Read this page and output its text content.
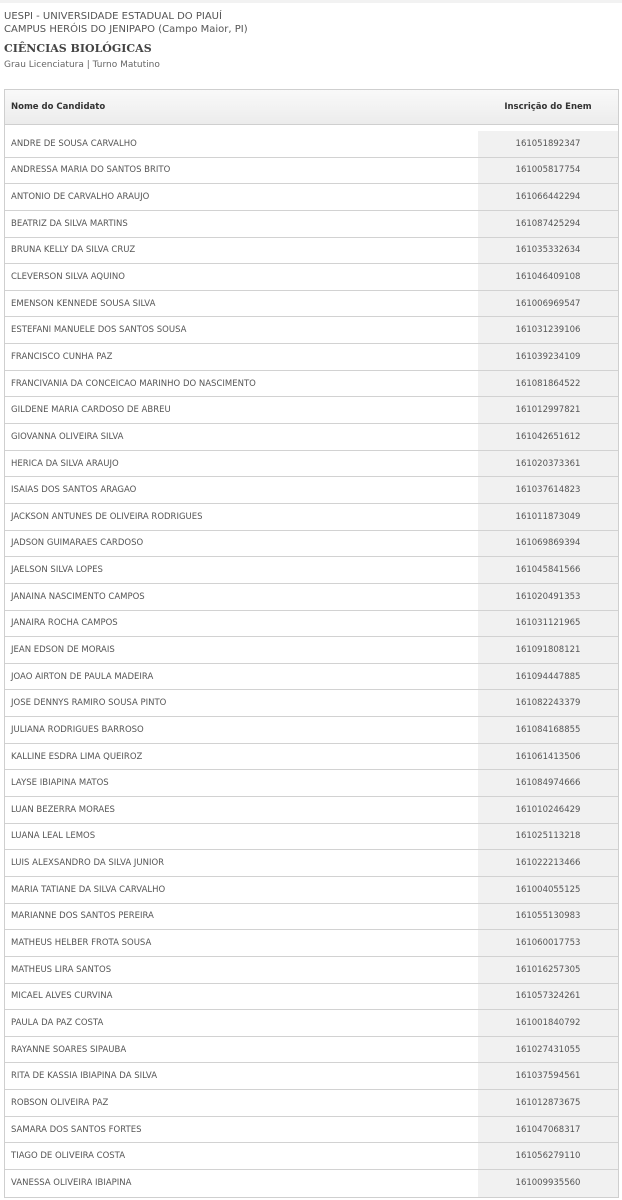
UESPI - UNIVERSIDADE ESTADUAL DO PIAUÍ
CAMPUS HERÓIS DO JENIPAPO (Campo Maior, PI)
CIÊNCIAS BIOLÓGICAS
Grau Licenciatura | Turno Matutino
Nome do Candidato	Inscrição do Enem
ANDRE DE SOUSA CARVALHO	161051892347
ANDRESSA MARIA DO SANTOS BRITO	161005817754
ANTONIO DE CARVALHO ARAUJO	161066442294
BEATRIZ DA SILVA MARTINS	161087425294
BRUNA KELLY DA SILVA CRUZ	161035332634
CLEVERSON SILVA AQUINO	161046409108
EMENSON KENNEDE SOUSA SILVA	161006969547
ESTEFANI MANUELE DOS SANTOS SOUSA	161031239106
FRANCISCO CUNHA PAZ	161039234109
FRANCIVANIA DA CONCEICAO MARINHO DO NASCIMENTO	161081864522
GILDENE MARIA CARDOSO DE ABREU	161012997821
GIOVANNA OLIVEIRA SILVA	161042651612
HERICA DA SILVA ARAUJO	161020373361
ISAIAS DOS SANTOS ARAGAO	161037614823
JACKSON ANTUNES DE OLIVEIRA RODRIGUES	161011873049
JADSON GUIMARAES CARDOSO	161069869394
JAELSON SILVA LOPES	161045841566
JANAINA NASCIMENTO CAMPOS	161020491353
JANAIRA ROCHA CAMPOS	161031121965
JEAN EDSON DE MORAIS	161091808121
JOAO AIRTON DE PAULA MADEIRA	161094447885
JOSE DENNYS RAMIRO SOUSA PINTO	161082243379
JULIANA RODRIGUES BARROSO	161084168855
KALLINE ESDRA LIMA QUEIROZ	161061413506
LAYSE IBIAPINA MATOS	161084974666
LUAN BEZERRA MORAES	161010246429
LUANA LEAL LEMOS	161025113218
LUIS ALEXSANDRO DA SILVA JUNIOR	161022213466
MARIA TATIANE DA SILVA CARVALHO	161004055125
MARIANNE DOS SANTOS PEREIRA	161055130983
MATHEUS HELBER FROTA SOUSA	161060017753
MATHEUS LIRA SANTOS	161016257305
MICAEL ALVES CURVINA	161057324261
PAULA DA PAZ COSTA	161001840792
RAYANNE SOARES SIPAUBA	161027431055
RITA DE KASSIA IBIAPINA DA SILVA	161037594561
ROBSON OLIVEIRA PAZ	161012873675
SAMARA DOS SANTOS FORTES	161047068317
TIAGO DE OLIVEIRA COSTA	161056279110
VANESSA OLIVEIRA IBIAPINA	161009935560
